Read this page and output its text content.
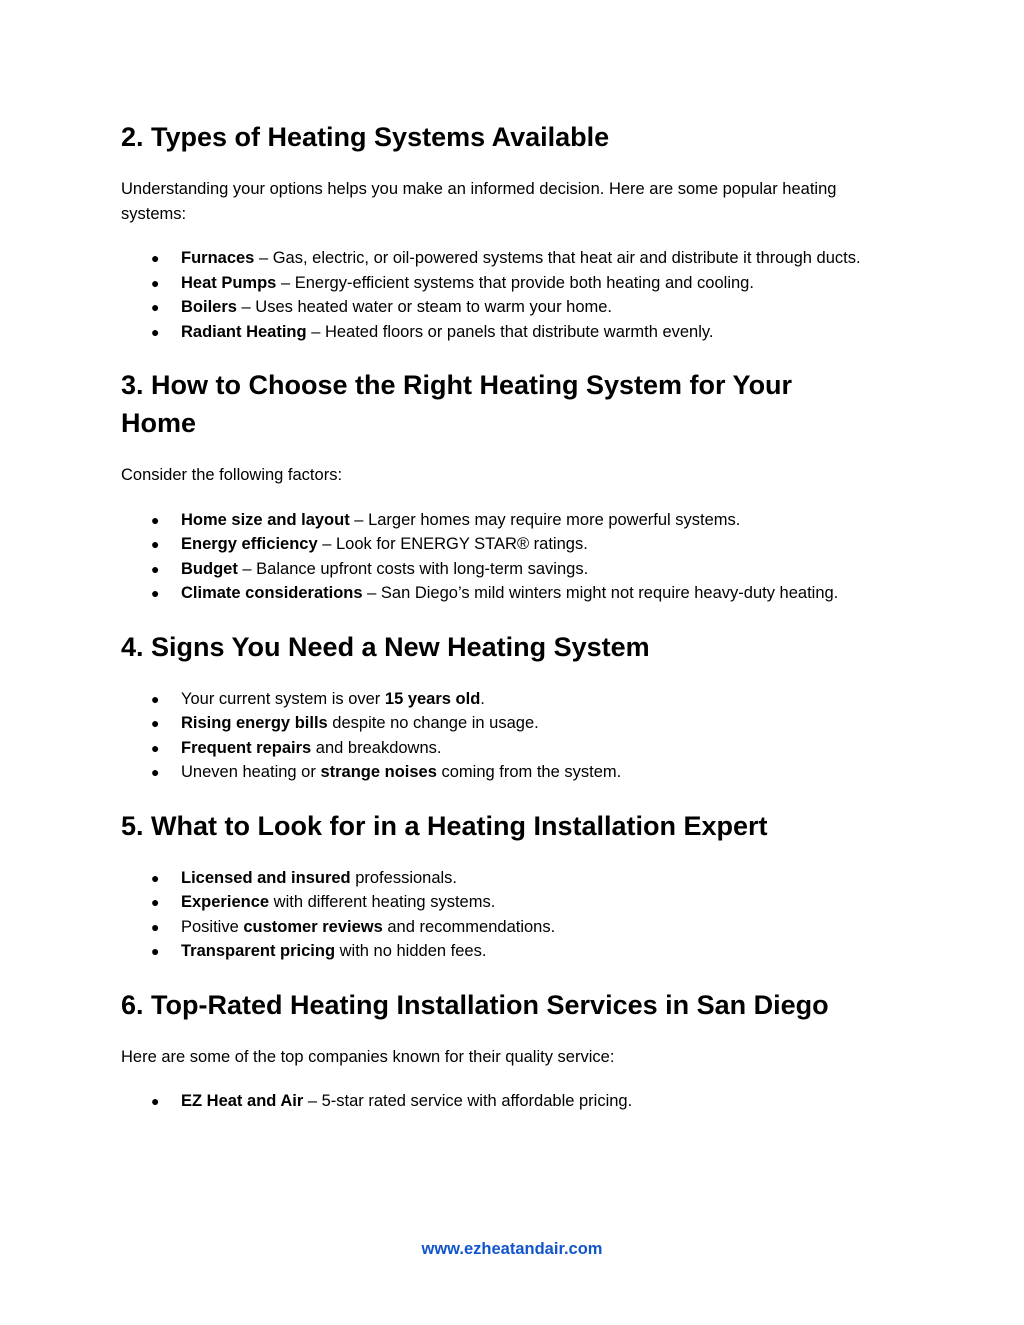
2. Types of Heating Systems Available

Understanding your options helps you make an informed decision. Here are some popular heating systems:

● Furnaces – Gas, electric, or oil-powered systems that heat air and distribute it through ducts.
● Heat Pumps – Energy-efficient systems that provide both heating and cooling.
● Boilers – Uses heated water or steam to warm your home.
● Radiant Heating – Heated floors or panels that distribute warmth evenly.
3. How to Choose the Right Heating System for Your Home

Consider the following factors:

● Home size and layout – Larger homes may require more powerful systems.
● Energy efficiency – Look for ENERGY STAR® ratings.
● Budget – Balance upfront costs with long-term savings.
● Climate considerations – San Diego’s mild winters might not require heavy-duty heating.
4. Signs You Need a New Heating System
● Your current system is over 15 years old.
● Rising energy bills despite no change in usage.
● Frequent repairs and breakdowns.
● Uneven heating or strange noises coming from the system.
5. What to Look for in a Heating Installation Expert
● Licensed and insured professionals.
● Experience with different heating systems.
● Positive customer reviews and recommendations.
● Transparent pricing with no hidden fees.
6. Top-Rated Heating Installation Services in San Diego

Here are some of the top companies known for their quality service:

● EZ Heat and Air – 5-star rated service with affordable pricing.
www.ezheatandair.com
